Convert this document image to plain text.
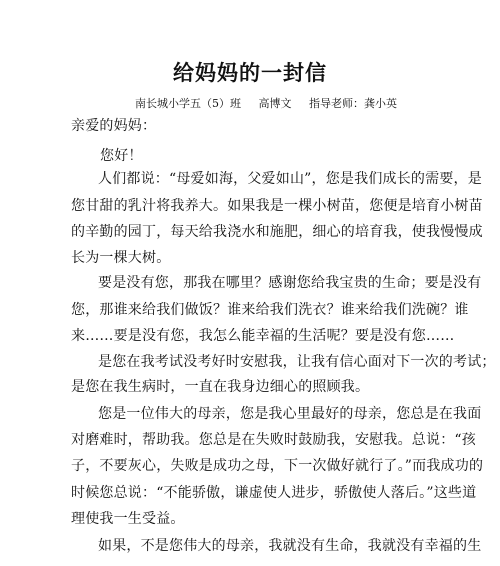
给妈妈的一封信
南长城小学五（5）班 高博文 指导老师：龚小英
亲爱的妈妈：
您好！
人们都说：“母爱如海，父爱如山”，您是我们成长的需要，是
您甘甜的乳汁将我养大。如果我是一棵小树苗，您便是培育小树苗
的辛勤的园丁，每天给我浇水和施肥，细心的培育我，使我慢慢成
长为一棵大树。
要是没有您，那我在哪里？感谢您给我宝贵的生命；要是没有
您，那谁来给我们做饭？谁来给我们洗衣？谁来给我们洗碗？谁
来……要是没有您，我怎么能幸福的生活呢？要是没有您……
是您在我考试没考好时安慰我，让我有信心面对下一次的考试；
是您在我生病时，一直在我身边细心的照顾我。
您是一位伟大的母亲，您是我心里最好的母亲，您总是在我面
对磨难时，帮助我。您总是在失败时鼓励我，安慰我。总说：“孩
子，不要灰心，失败是成功之母，下一次做好就行了。”而我成功的
时候您总说：“不能骄傲，谦虚使人进步，骄傲使人落后。”这些道
理使我一生受益。
如果，不是您伟大的母亲，我就没有生命，我就没有幸福的生
